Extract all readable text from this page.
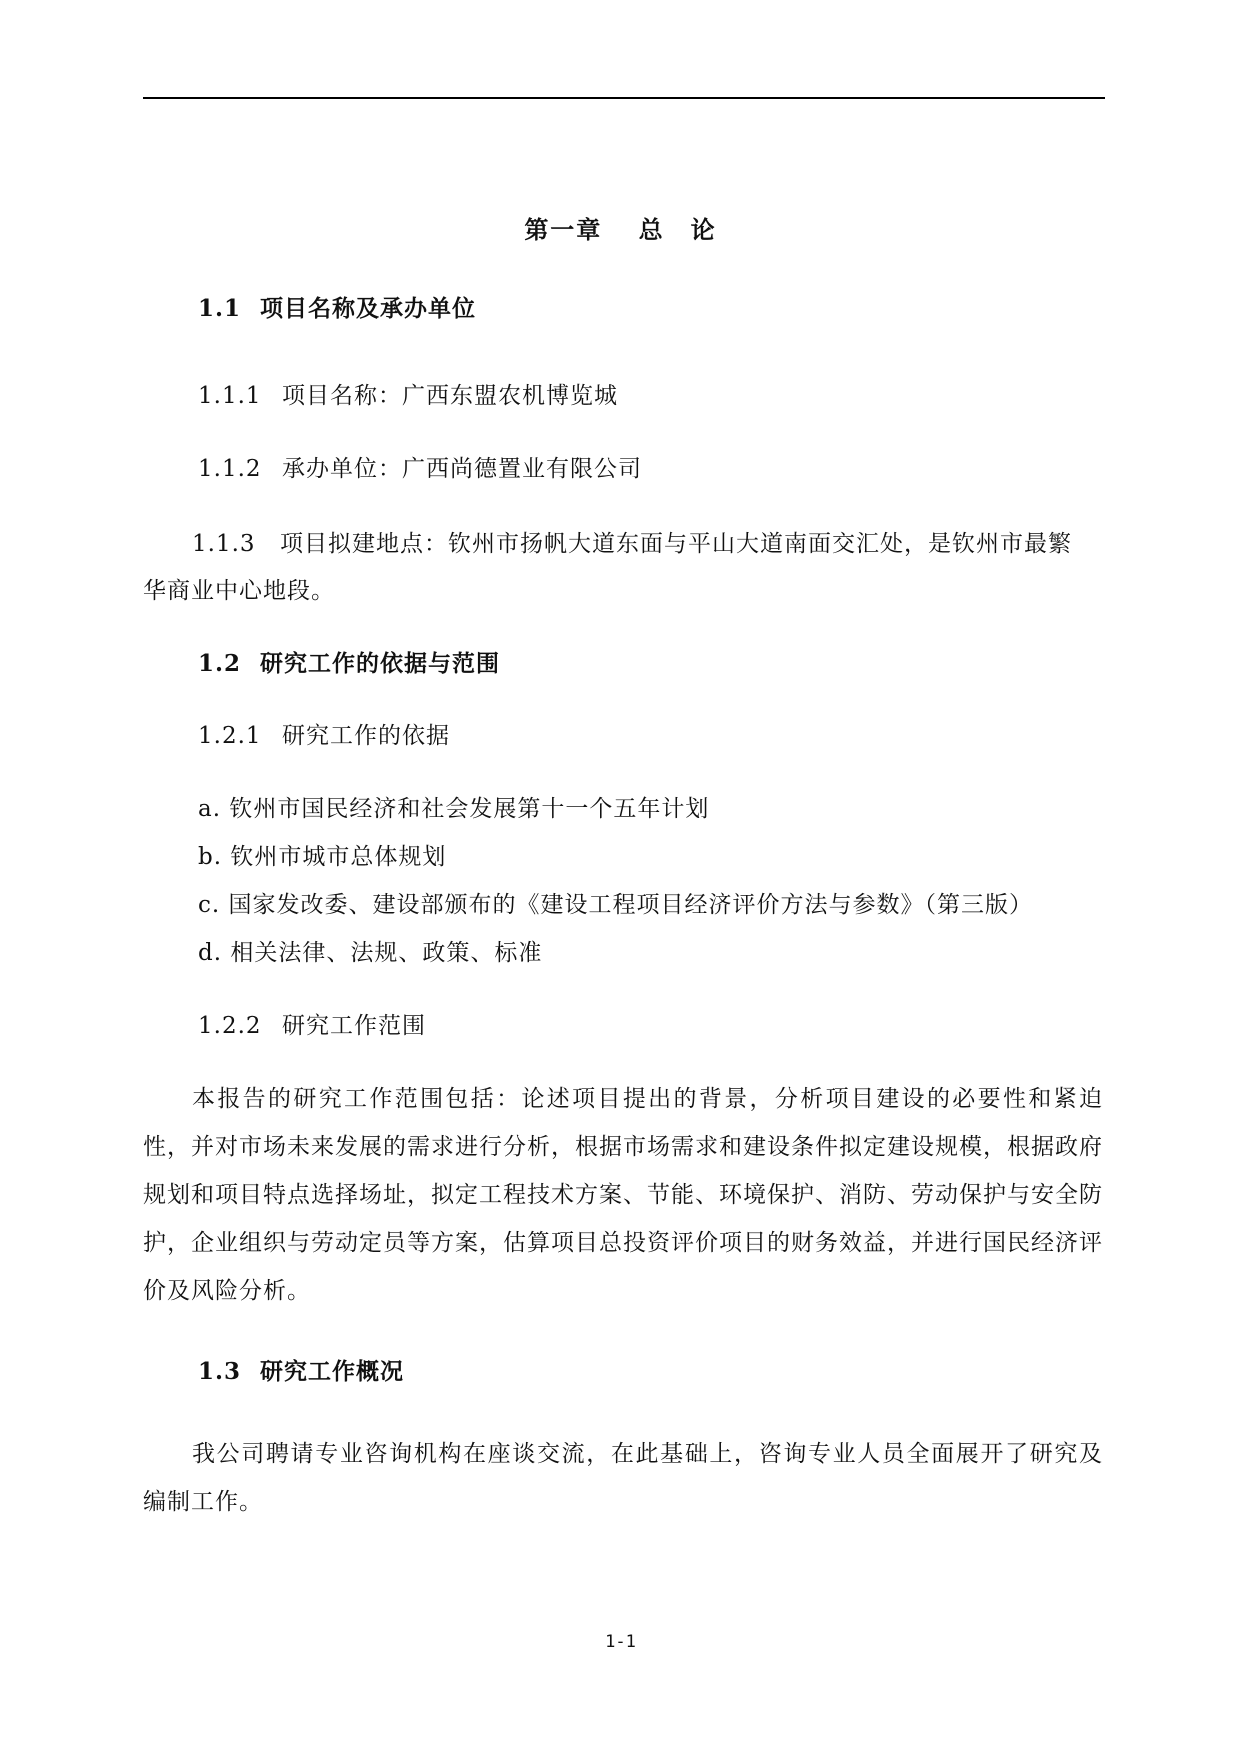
第一章　 总　论
1.1 项目名称及承办单位
1.1.1 项目名称：广西东盟农机博览城
1.1.2 承办单位：广西尚德置业有限公司
1.1.3 项目拟建地点：钦州市扬帆大道东面与平山大道南面交汇处，是钦州市最繁
华商业中心地段。
1.2 研究工作的依据与范围
1.2.1 研究工作的依据
a. 钦州市国民经济和社会发展第十一个五年计划
b. 钦州市城市总体规划
c. 国家发改委、建设部颁布的《建设工程项目经济评价方法与参数》（第三版）
d. 相关法律、法规、政策、标准
1.2.2 研究工作范围
本报告的研究工作范围包括：论述项目提出的背景，分析项目建设的必要性和紧迫性，并对市场未来发展的需求进行分析，根据市场需求和建设条件拟定建设规模，根据政府规划和项目特点选择场址，拟定工程技术方案、节能、环境保护、消防、劳动保护与安全防护，企业组织与劳动定员等方案，估算项目总投资评价项目的财务效益，并进行国民经济评价及风险分析。
1.3 研究工作概况
我公司聘请专业咨询机构在座谈交流，在此基础上，咨询专业人员全面展开了研究及编制工作。
1-1
